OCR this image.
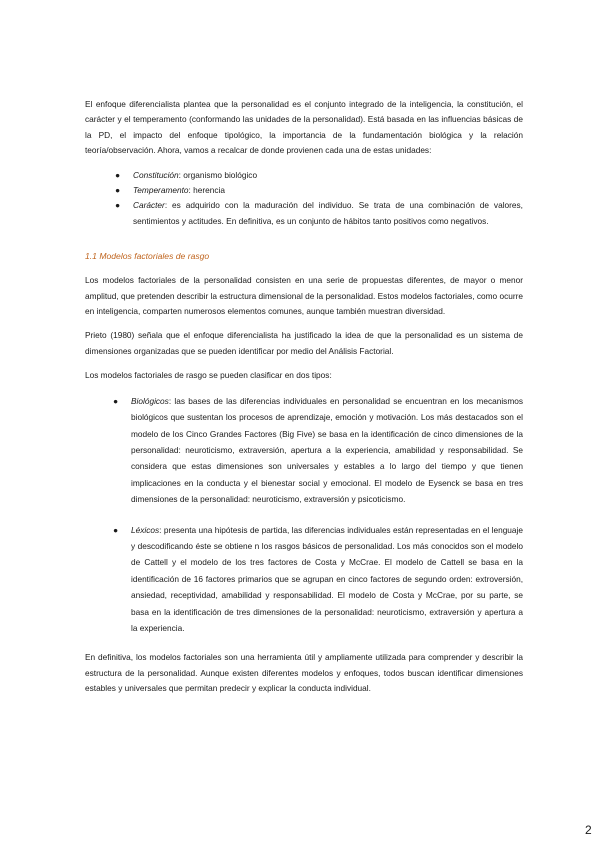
El enfoque diferencialista plantea que la personalidad es el conjunto integrado de la inteligencia, la constitución, el carácter y el temperamento (conformando las unidades de la personalidad). Está basada en las influencias básicas de la PD, el impacto del enfoque tipológico, la importancia de la fundamentación biológica y la relación teoría/observación. Ahora, vamos a recalcar de donde provienen cada una de estas unidades:

● Constitución: organismo biológico
● Temperamento: herencia
● Carácter: es adquirido con la maduración del individuo. Se trata de una combinación de valores, sentimientos y actitudes. En definitiva, es un conjunto de hábitos tanto positivos como negativos.
1.1 Modelos factoriales de rasgo

Los modelos factoriales de la personalidad consisten en una serie de propuestas diferentes, de mayor o menor amplitud, que pretenden describir la estructura dimensional de la personalidad. Estos modelos factoriales, como ocurre en inteligencia, comparten numerosos elementos comunes, aunque también muestran diversidad.

Prieto (1980) señala que el enfoque diferencialista ha justificado la idea de que la personalidad es un sistema de dimensiones organizadas que se pueden identificar por medio del Análisis Factorial.

Los modelos factoriales de rasgo se pueden clasificar en dos tipos:

● Biológicos: las bases de las diferencias individuales en personalidad se encuentran en los mecanismos biológicos que sustentan los procesos de aprendizaje, emoción y motivación. Los más destacados son el modelo de los Cinco Grandes Factores (Big Five) se basa en la identificación de cinco dimensiones de la personalidad: neuroticismo, extraversión, apertura a la experiencia, amabilidad y responsabilidad. Se considera que estas dimensiones son universales y estables a lo largo del tiempo y que tienen implicaciones en la conducta y el bienestar social y emocional. El modelo de Eysenck se basa en tres dimensiones de la personalidad: neuroticismo, extraversión y psicoticismo.
● Léxicos: presenta una hipótesis de partida, las diferencias individuales están representadas en el lenguaje y descodificando éste se obtiene n los rasgos básicos de personalidad. Los más conocidos son el modelo de Cattell y el modelo de los tres factores de Costa y McCrae. El modelo de Cattell se basa en la identificación de 16 factores primarios que se agrupan en cinco factores de segundo orden: extroversión, ansiedad, receptividad, amabilidad y responsabilidad. El modelo de Costa y McCrae, por su parte, se basa en la identificación de tres dimensiones de la personalidad: neuroticismo, extraversión y apertura a la experiencia.

En definitiva, los modelos factoriales son una herramienta útil y ampliamente utilizada para comprender y describir la estructura de la personalidad. Aunque existen diferentes modelos y enfoques, todos buscan identificar dimensiones estables y universales que permitan predecir y explicar la conducta individual.

2
